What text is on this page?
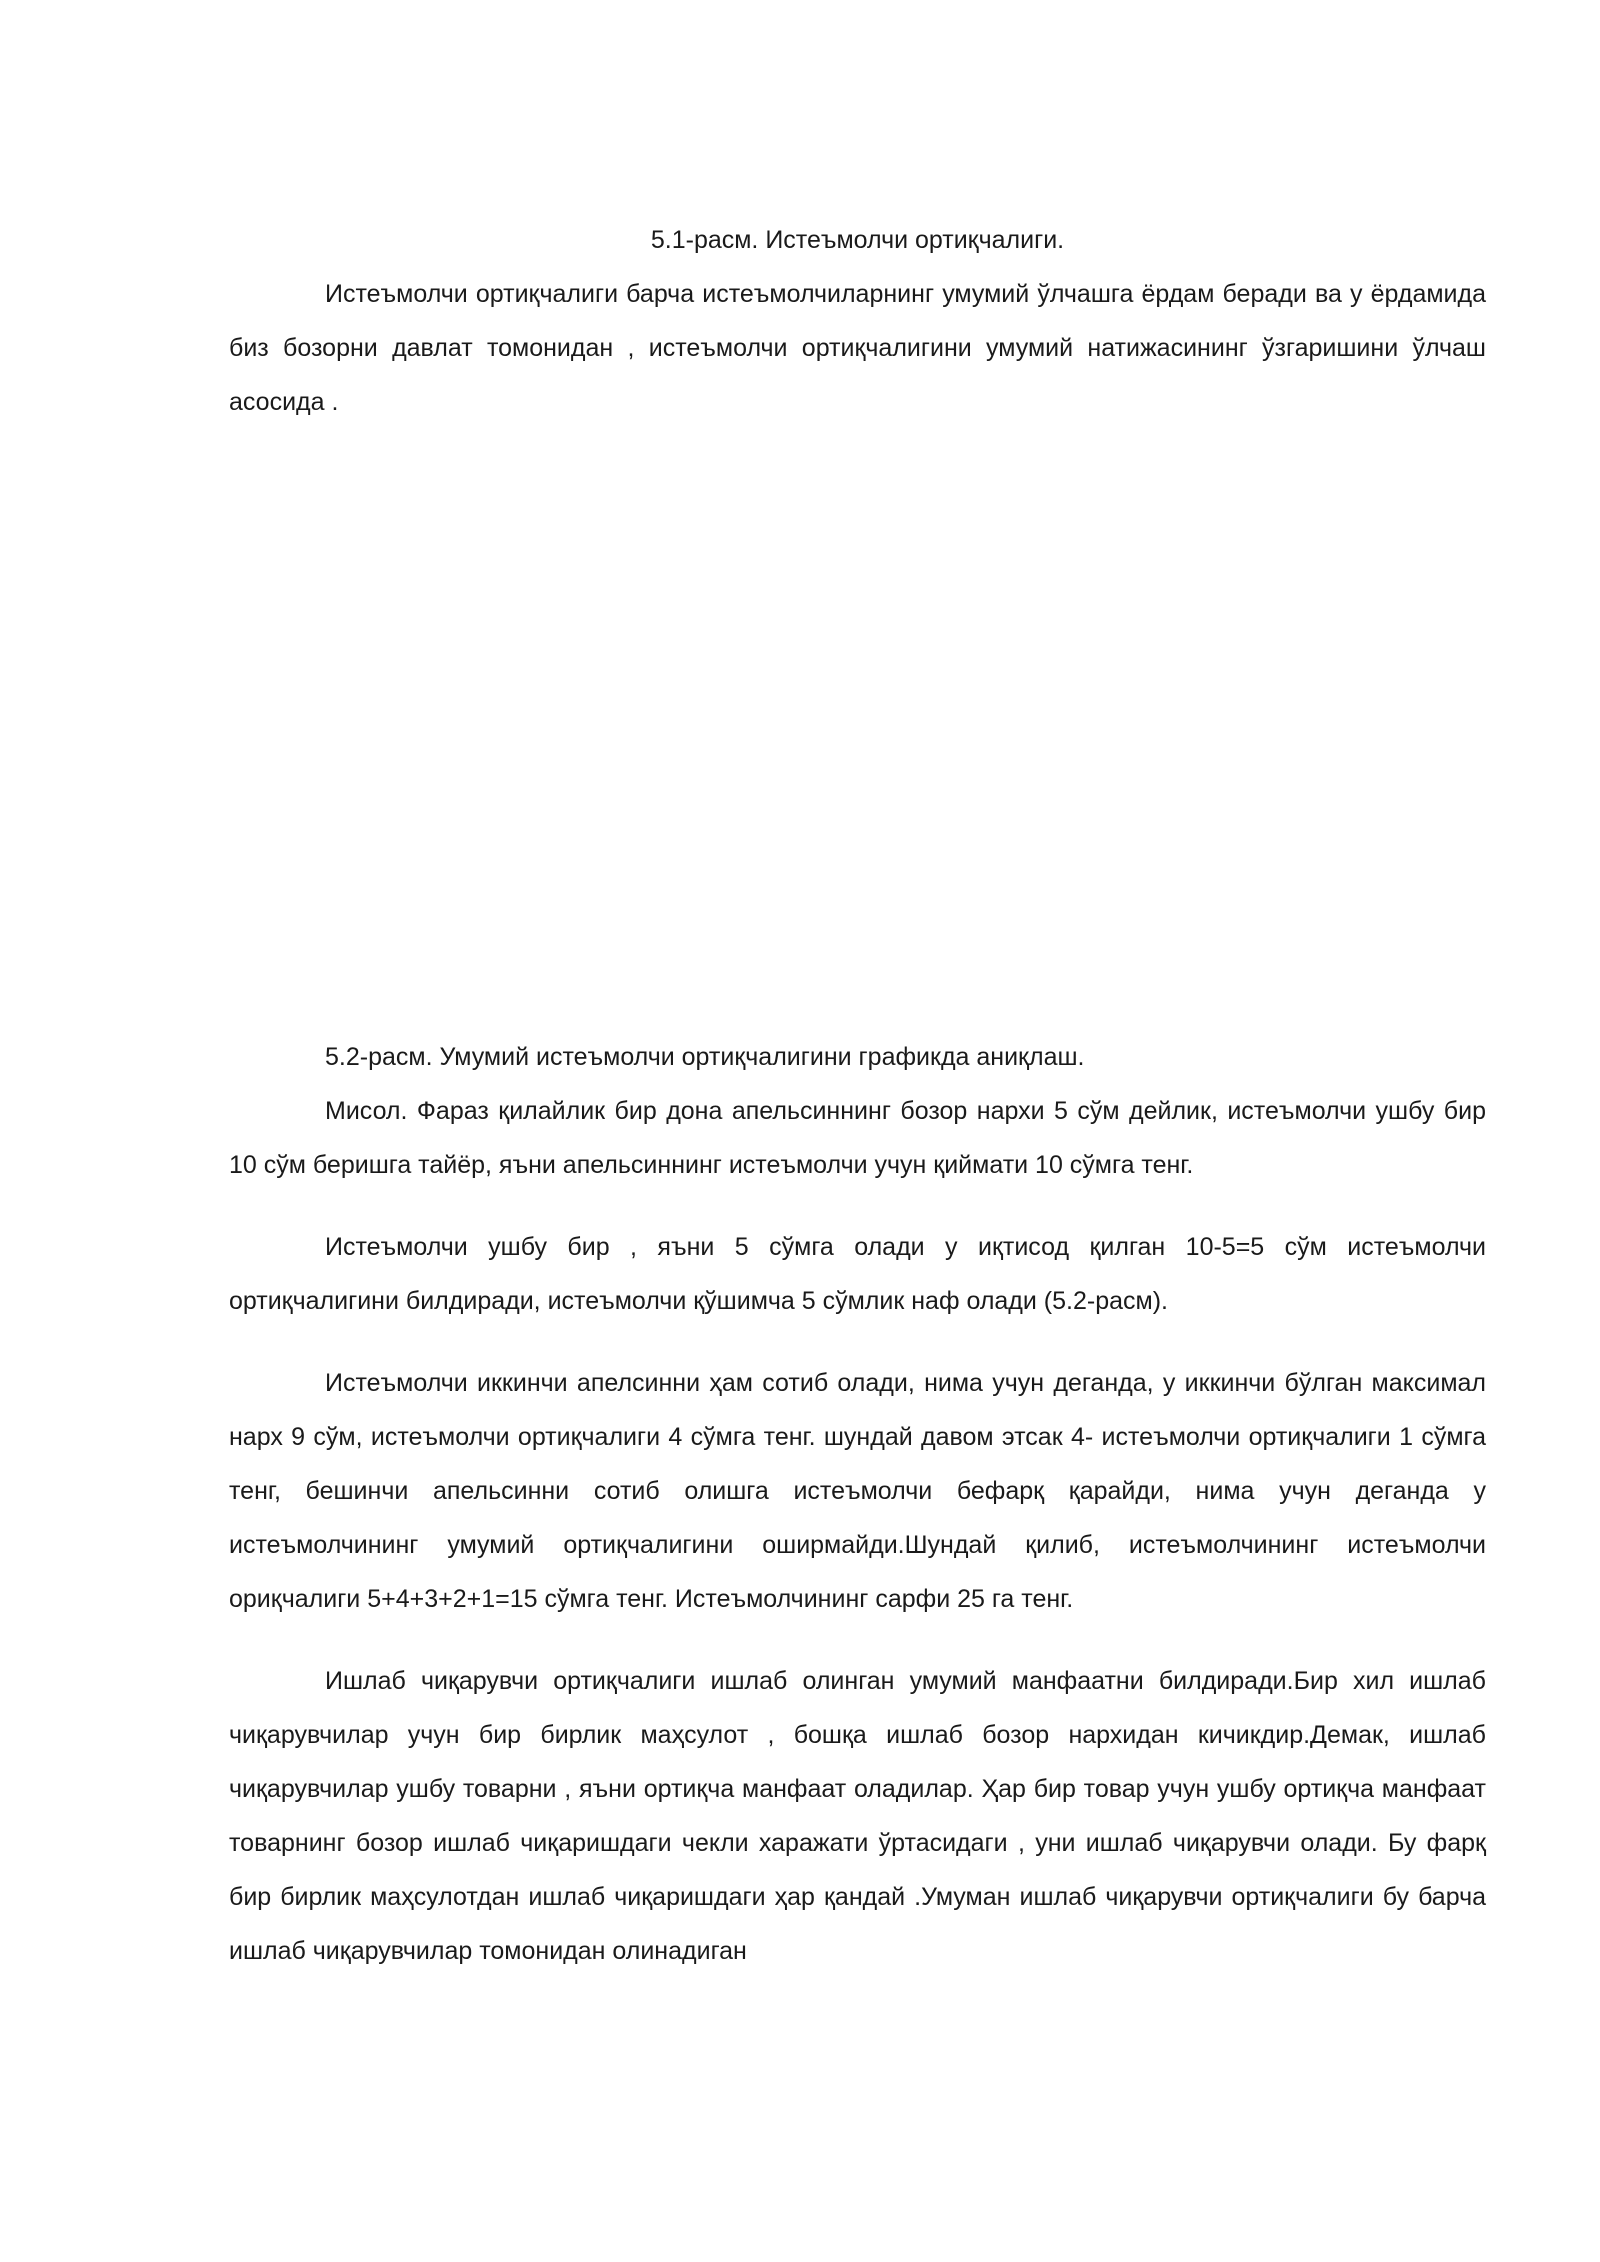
5.1-расм. Истеъмолчи ортиқчалиги.

Истеъмолчи ортиқчалиги барча истеъмолчиларнинг умумий ўлчашга ёрдам беради ва у ёрдамида биз бозорни давлат томонидан , истеъмолчи ортиқчалигини умумий натижасининг ўзгаришини ўлчаш асосида .

5.2-расм. Умумий истеъмолчи ортиқчалигини графикда аниқлаш.

Мисол. Фараз қилайлик бир дона апельсиннинг бозор нархи 5 сўм дейлик, истеъмолчи ушбу бир 10 сўм беришга тайёр, яъни апельсиннинг истеъмолчи учун қиймати 10 сўмга тенг.

Истеъмолчи ушбу бир , яъни 5 сўмга олади у иқтисод қилган 10-5=5 сўм истеъмолчи ортиқчалигини билдиради, истеъмолчи қўшимча 5 сўмлик наф олади (5.2-расм).

Истеъмолчи иккинчи апелсинни ҳам сотиб олади, нима учун деганда, у иккинчи бўлган максимал нарх 9 сўм, истеъмолчи ортиқчалиги 4 сўмга тенг. шундай давом этсак 4- истеъмолчи ортиқчалиги 1 сўмга тенг, бешинчи апельсинни сотиб олишга истеъмолчи бефарқ қарайди, нима учун деганда у истеъмолчининг умумий ортиқчалигини оширмайди.Шундай қилиб, истеъмолчининг истеъмолчи ориқчалиги 5+4+3+2+1=15 сўмга тенг. Истеъмолчининг сарфи 25 га тенг.

Ишлаб чиқарувчи ортиқчалиги ишлаб олинган умумий манфаатни билдиради.Бир хил ишлаб чиқарувчилар учун бир бирлик маҳсулот , бошқа ишлаб бозор нархидан кичикдир.Демак, ишлаб чиқарувчилар ушбу товарни , яъни ортиқча манфаат оладилар. Ҳар бир товар учун ушбу ортиқча манфаат товарнинг бозор ишлаб чиқаришдаги чекли харажати ўртасидаги , уни ишлаб чиқарувчи олади. Бу фарқ бир бирлик маҳсулотдан ишлаб чиқаришдаги ҳар қандай .Умуман ишлаб чиқарувчи ортиқчалиги бу барча ишлаб чиқарувчилар томонидан олинадиган
